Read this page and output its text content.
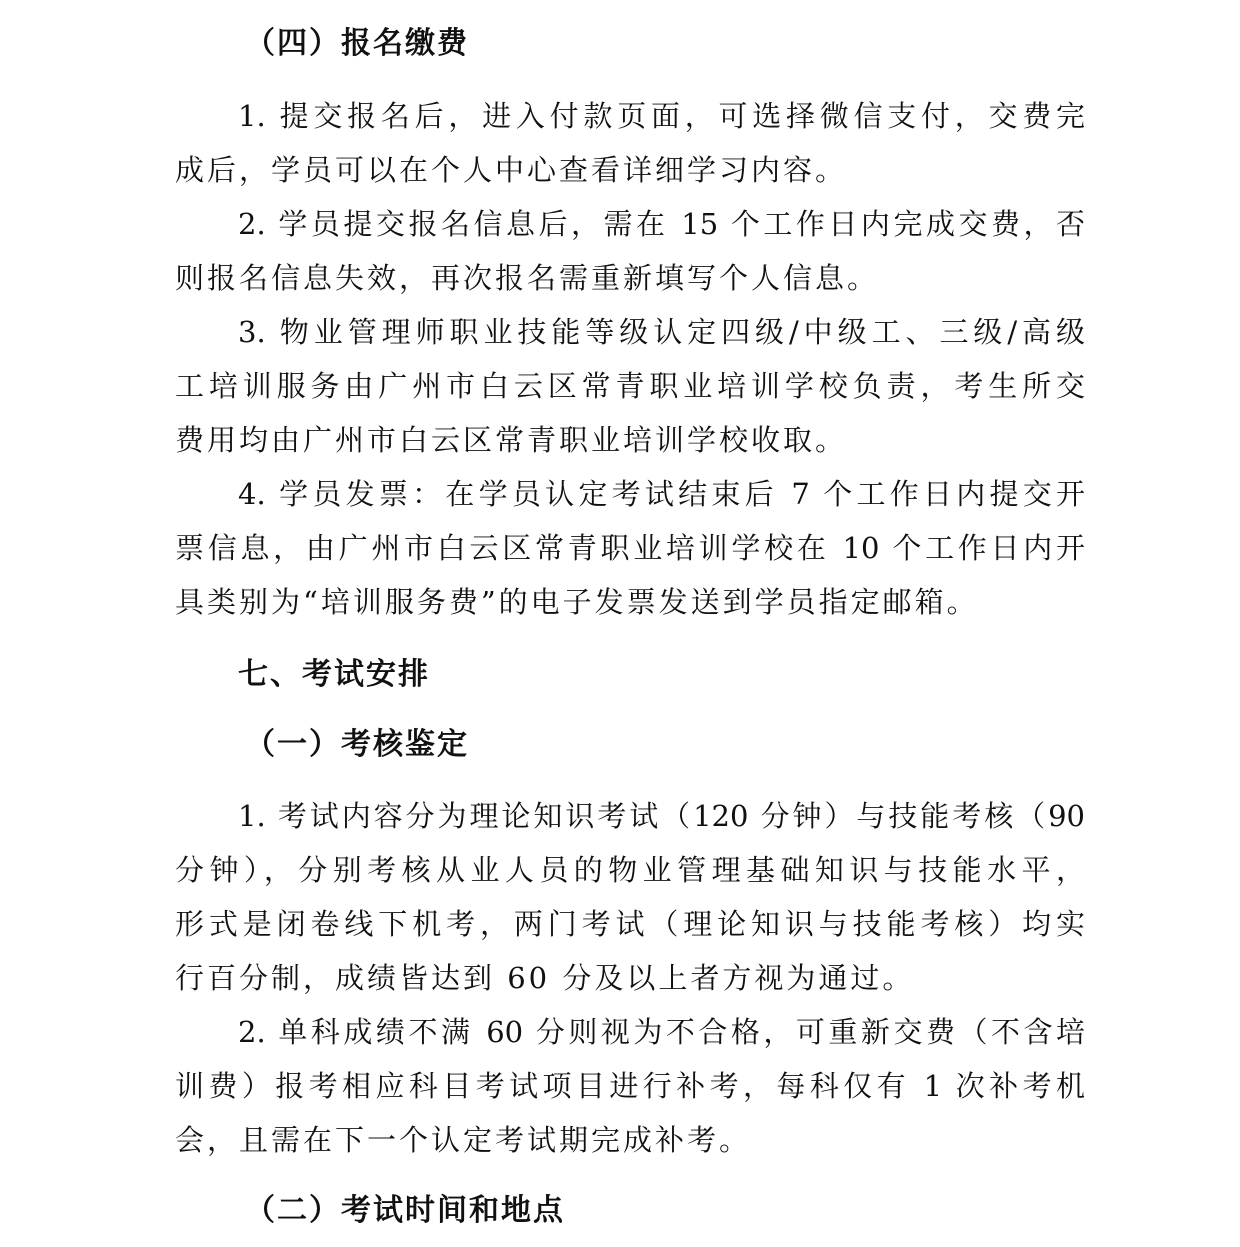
（四）报名缴费
1. 提交报名后，进入付款页面，可选择微信支付，交费完
成后，学员可以在个人中心查看详细学习内容。
2. 学员提交报名信息后，需在 15 个工作日内完成交费，否
则报名信息失效，再次报名需重新填写个人信息。
3. 物业管理师职业技能等级认定四级/中级工、三级/高级
工培训服务由广州市白云区常青职业培训学校负责，考生所交
费用均由广州市白云区常青职业培训学校收取。
4. 学员发票：在学员认定考试结束后 7 个工作日内提交开
票信息，由广州市白云区常青职业培训学校在 10 个工作日内开
具类别为“培训服务费”的电子发票发送到学员指定邮箱。
七、考试安排
（一）考核鉴定
1. 考试内容分为理论知识考试（120 分钟）与技能考核（90
分钟），分别考核从业人员的物业管理基础知识与技能水平，
形式是闭卷线下机考，两门考试（理论知识与技能考核）均实
行百分制，成绩皆达到 60 分及以上者方视为通过。
2. 单科成绩不满 60 分则视为不合格，可重新交费（不含培
训费）报考相应科目考试项目进行补考，每科仅有 1 次补考机
会，且需在下一个认定考试期完成补考。
（二）考试时间和地点
